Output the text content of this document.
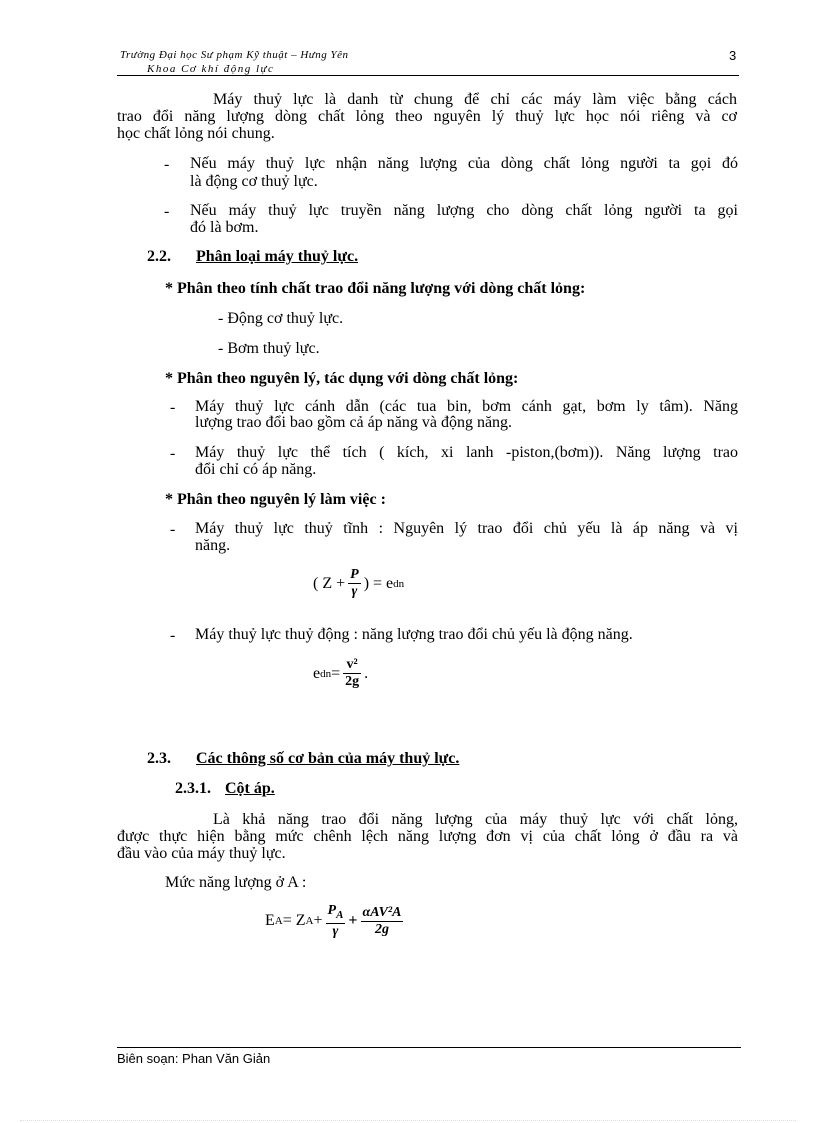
Trường Đại học Sư phạm Kỹ thuật – Hưng Yên
Khoa Cơ khí động lực
3
Máy thuỷ lực là danh từ chung để chỉ các máy làm việc bằng cách
trao đổi năng lượng dòng chất lỏng theo nguyên lý thuỷ lực học nói riêng và cơ
học chất lỏng nói chung.
- Nếu máy thuỷ lực nhận năng lượng của dòng chất lỏng người ta gọi đó
là động cơ thuỷ lực.
- Nếu máy thuỷ lực truyền năng lượng cho dòng chất lỏng người ta gọi
đó là bơm.
2.2. Phân loại máy thuỷ lực.
* Phân theo tính chất trao đổi năng lượng với dòng chất lỏng:
- Động cơ thuỷ lực.
- Bơm thuỷ lực.
* Phân theo nguyên lý, tác dụng với dòng chất lỏng:
- Máy thuỷ lực cánh dẫn (các tua bin, bơm cánh gạt, bơm ly tâm). Năng
lượng trao đổi bao gồm cả áp năng và động năng.
- Máy thuỷ lực thể tích ( kích, xi lanh -piston,(bơm)). Năng lượng trao
đổi chỉ có áp năng.
* Phân theo nguyên lý làm việc :
- Máy thuỷ lực thuỷ tĩnh : Nguyên lý trao đổi chủ yếu là áp năng và vị
năng.
( $Z + \frac{P}{\gamma}$ ) = e dn
- Máy thuỷ lực thuỷ động : năng lượng trao đổi chủ yếu là động năng.
e dn = $\frac{\text{v²}}{2g}$ .
2.3. Các thông số cơ bản của máy thuỷ lực.
2.3.1. Cột áp.
Là khả năng trao đổi năng lượng của máy thuỷ lực với chất lỏng,
được thực hiện bằng mức chênh lệch năng lượng đơn vị của chất lỏng ở đầu ra và
đầu vào của máy thuỷ lực.
Mức năng lượng ở A :
E A = Z $A + \frac{P_A}{\gamma} + \frac{\text{αAV²A}}{2g}$
Biên soạn: Phan Văn Giản
